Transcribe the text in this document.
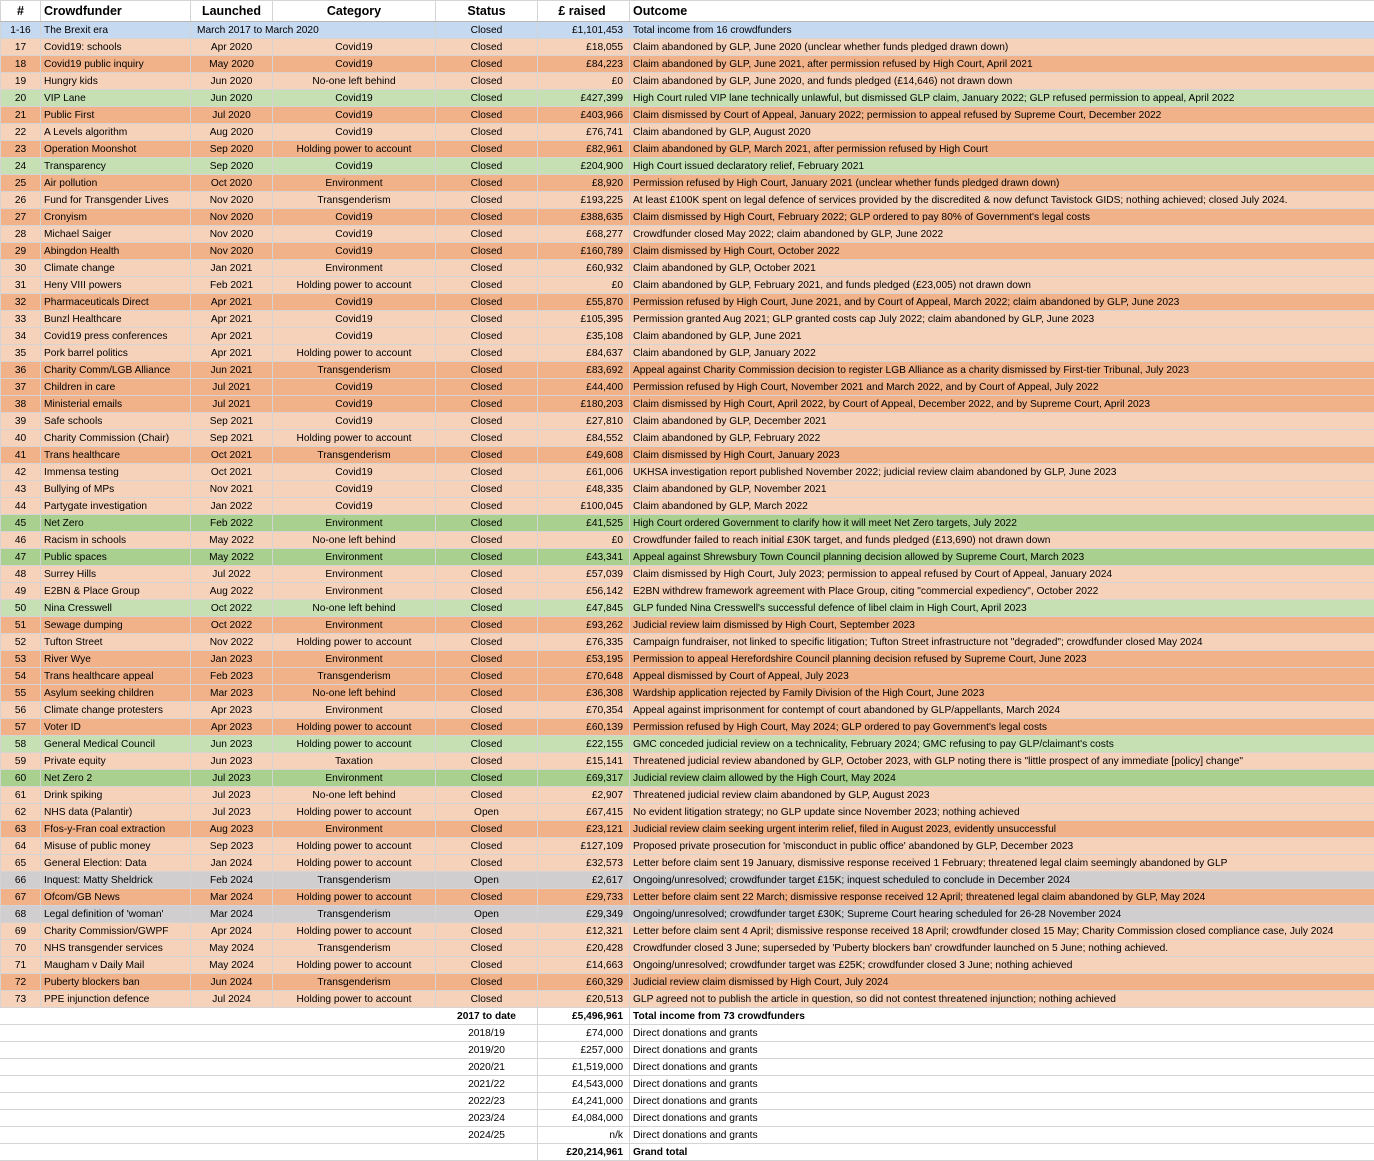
#	Crowdfunder	Launched	Category	Status	£ raised	Outcome
1-16	The Brexit era	March 2017 to March 2020		Closed	£1,101,453	Total income from 16 crowdfunders
17	Covid19: schools	Apr 2020	Covid19	Closed	£18,055	Claim abandoned by GLP, June 2020 (unclear whether funds pledged drawn down)
18	Covid19 public inquiry	May 2020	Covid19	Closed	£84,223	Claim abandoned by GLP, June 2021, after permission refused by High Court, April 2021
19	Hungry kids	Jun 2020	No-one left behind	Closed	£0	Claim abandoned by GLP, June 2020, and funds pledged (£14,646) not drawn down
20	VIP Lane	Jun 2020	Covid19	Closed	£427,399	High Court ruled VIP lane technically unlawful, but dismissed GLP claim, January 2022; GLP refused permission to appeal, April 2022
21	Public First	Jul 2020	Covid19	Closed	£403,966	Claim dismissed by Court of Appeal, January 2022; permission to appeal refused by Supreme Court, December 2022
22	A Levels algorithm	Aug 2020	Covid19	Closed	£76,741	Claim abandoned by GLP, August 2020
23	Operation Moonshot	Sep 2020	Holding power to account	Closed	£82,961	Claim abandoned by GLP, March 2021, after permission refused by High Court
24	Transparency	Sep 2020	Covid19	Closed	£204,900	High Court issued declaratory relief, February 2021
25	Air pollution	Oct 2020	Environment	Closed	£8,920	Permission refused by High Court, January 2021 (unclear whether funds pledged drawn down)
26	Fund for Transgender Lives	Nov 2020	Transgenderism	Closed	£193,225	At least £100K spent on legal defence of services provided by the discredited & now defunct Tavistock GIDS; nothing achieved; closed July 2024.
27	Cronyism	Nov 2020	Covid19	Closed	£388,635	Claim dismissed by High Court, February 2022; GLP ordered to pay 80% of Government's legal costs
28	Michael Saiger	Nov 2020	Covid19	Closed	£68,277	Crowdfunder closed May 2022; claim abandoned by GLP, June 2022
29	Abingdon Health	Nov 2020	Covid19	Closed	£160,789	Claim dismissed by High Court, October 2022
30	Climate change	Jan 2021	Environment	Closed	£60,932	Claim abandoned by GLP, October 2021
31	Heny VIII powers	Feb 2021	Holding power to account	Closed	£0	Claim abandoned by GLP, February 2021, and funds pledged (£23,005) not drawn down
32	Pharmaceuticals Direct	Apr 2021	Covid19	Closed	£55,870	Permission refused by High Court, June 2021, and by Court of Appeal, March 2022; claim abandoned by GLP, June 2023
33	Bunzl Healthcare	Apr 2021	Covid19	Closed	£105,395	Permission granted Aug 2021; GLP granted costs cap July 2022; claim abandoned by GLP, June 2023
34	Covid19 press conferences	Apr 2021	Covid19	Closed	£35,108	Claim abandoned by GLP, June 2021
35	Pork barrel politics	Apr 2021	Holding power to account	Closed	£84,637	Claim abandoned by GLP, January 2022
36	Charity Comm/LGB Alliance	Jun 2021	Transgenderism	Closed	£83,692	Appeal against Charity Commission decision to register LGB Alliance as a charity dismissed by First-tier Tribunal, July 2023
37	Children in care	Jul 2021	Covid19	Closed	£44,400	Permission refused by High Court, November 2021 and March 2022, and by Court of Appeal, July 2022
38	Ministerial emails	Jul 2021	Covid19	Closed	£180,203	Claim dismissed by High Court, April 2022, by Court of Appeal, December 2022, and by Supreme Court, April 2023
39	Safe schools	Sep 2021	Covid19	Closed	£27,810	Claim abandoned by GLP, December 2021
40	Charity Commission (Chair)	Sep 2021	Holding power to account	Closed	£84,552	Claim abandoned by GLP, February 2022
41	Trans healthcare	Oct 2021	Transgenderism	Closed	£49,608	Claim dismissed by High Court, January 2023
42	Immensa testing	Oct 2021	Covid19	Closed	£61,006	UKHSA investigation report published November 2022; judicial review claim abandoned by GLP, June 2023
43	Bullying of MPs	Nov 2021	Covid19	Closed	£48,335	Claim abandoned by GLP, November 2021
44	Partygate investigation	Jan 2022	Covid19	Closed	£100,045	Claim abandoned by GLP, March 2022
45	Net Zero	Feb 2022	Environment	Closed	£41,525	High Court ordered Government to clarify how it will meet Net Zero targets, July 2022
46	Racism in schools	May 2022	No-one left behind	Closed	£0	Crowdfunder failed to reach initial £30K target, and funds pledged (£13,690) not drawn down
47	Public spaces	May 2022	Environment	Closed	£43,341	Appeal against Shrewsbury Town Council planning decision allowed by Supreme Court, March 2023
48	Surrey Hills	Jul 2022	Environment	Closed	£57,039	Claim dismissed by High Court, July 2023; permission to appeal refused by Court of Appeal, January 2024
49	E2BN & Place Group	Aug 2022	Environment	Closed	£56,142	E2BN withdrew framework agreement with Place Group, citing "commercial expediency", October 2022
50	Nina Cresswell	Oct 2022	No-one left behind	Closed	£47,845	GLP funded Nina Cresswell's successful defence of libel claim in High Court, April 2023
51	Sewage dumping	Oct 2022	Environment	Closed	£93,262	Judicial review laim dismissed by High Court, September 2023
52	Tufton Street	Nov 2022	Holding power to account	Closed	£76,335	Campaign fundraiser, not linked to specific litigation; Tufton Street infrastructure not "degraded"; crowdfunder closed May 2024
53	River Wye	Jan 2023	Environment	Closed	£53,195	Permission to appeal Herefordshire Council planning decision refused by Supreme Court, June 2023
54	Trans healthcare appeal	Feb 2023	Transgenderism	Closed	£70,648	Appeal dismissed by Court of Appeal, July 2023
55	Asylum seeking children	Mar 2023	No-one left behind	Closed	£36,308	Wardship application rejected by Family Division of the High Court, June 2023
56	Climate change protesters	Apr 2023	Environment	Closed	£70,354	Appeal against imprisonment for contempt of court abandoned by GLP/appellants, March 2024
57	Voter ID	Apr 2023	Holding power to account	Closed	£60,139	Permission refused by High Court, May 2024; GLP ordered to pay Government's legal costs
58	General Medical Council	Jun 2023	Holding power to account	Closed	£22,155	GMC conceded judicial review on a technicality, February 2024; GMC refusing to pay GLP/claimant's costs
59	Private equity	Jun 2023	Taxation	Closed	£15,141	Threatened judicial review abandoned by GLP, October 2023, with GLP noting there is "little prospect of any immediate [policy] change"
60	Net Zero 2	Jul 2023	Environment	Closed	£69,317	Judicial review claim allowed by the High Court, May 2024
61	Drink spiking	Jul 2023	No-one left behind	Closed	£2,907	Threatened judicial review claim abandoned by GLP, August 2023
62	NHS data (Palantir)	Jul 2023	Holding power to account	Open	£67,415	No evident litigation strategy; no GLP update since November 2023; nothing achieved
63	Ffos-y-Fran coal extraction	Aug 2023	Environment	Closed	£23,121	Judicial review claim seeking urgent interim relief, filed in August 2023, evidently unsuccessful
64	Misuse of public money	Sep 2023	Holding power to account	Closed	£127,109	Proposed private prosecution for 'misconduct in public office' abandoned by GLP, December 2023
65	General Election: Data	Jan 2024	Holding power to account	Closed	£32,573	Letter before claim sent 19 January, dismissive response received 1 February; threatened legal claim seemingly abandoned by GLP
66	Inquest: Matty Sheldrick	Feb 2024	Transgenderism	Open	£2,617	Ongoing/unresolved; crowdfunder target £15K; inquest scheduled to conclude in December 2024
67	Ofcom/GB News	Mar 2024	Holding power to account	Closed	£29,733	Letter before claim sent 22 March; dismissive response received 12 April; threatened legal claim abandoned by GLP, May 2024
68	Legal definition of 'woman'	Mar 2024	Transgenderism	Open	£29,349	Ongoing/unresolved; crowdfunder target £30K; Supreme Court hearing scheduled for 26-28 November 2024
69	Charity Commission/GWPF	Apr 2024	Holding power to account	Closed	£12,321	Letter before claim sent 4 April; dismissive response received 18 April; crowdfunder closed 15 May; Charity Commission closed compliance case, July 2024
70	NHS transgender services	May 2024	Transgenderism	Closed	£20,428	Crowdfunder closed 3 June; superseded by 'Puberty blockers ban' crowdfunder launched on 5 June; nothing achieved.
71	Maugham v Daily Mail	May 2024	Holding power to account	Closed	£14,663	Ongoing/unresolved; crowdfunder target was £25K; crowdfunder closed 3 June; nothing achieved
72	Puberty blockers ban	Jun 2024	Transgenderism	Closed	£60,329	Judicial review claim dismissed by High Court, July 2024
73	PPE injunction defence	Jul 2024	Holding power to account	Closed	£20,513	GLP agreed not to publish the article in question, so did not contest threatened injunction; nothing achieved
				2017 to date	£5,496,961	Total income from 73 crowdfunders
				2018/19	£74,000	Direct donations and grants
				2019/20	£257,000	Direct donations and grants
				2020/21	£1,519,000	Direct donations and grants
				2021/22	£4,543,000	Direct donations and grants
				2022/23	£4,241,000	Direct donations and grants
				2023/24	£4,084,000	Direct donations and grants
				2024/25	n/k	Direct donations and grants
					£20,214,961	Grand total
